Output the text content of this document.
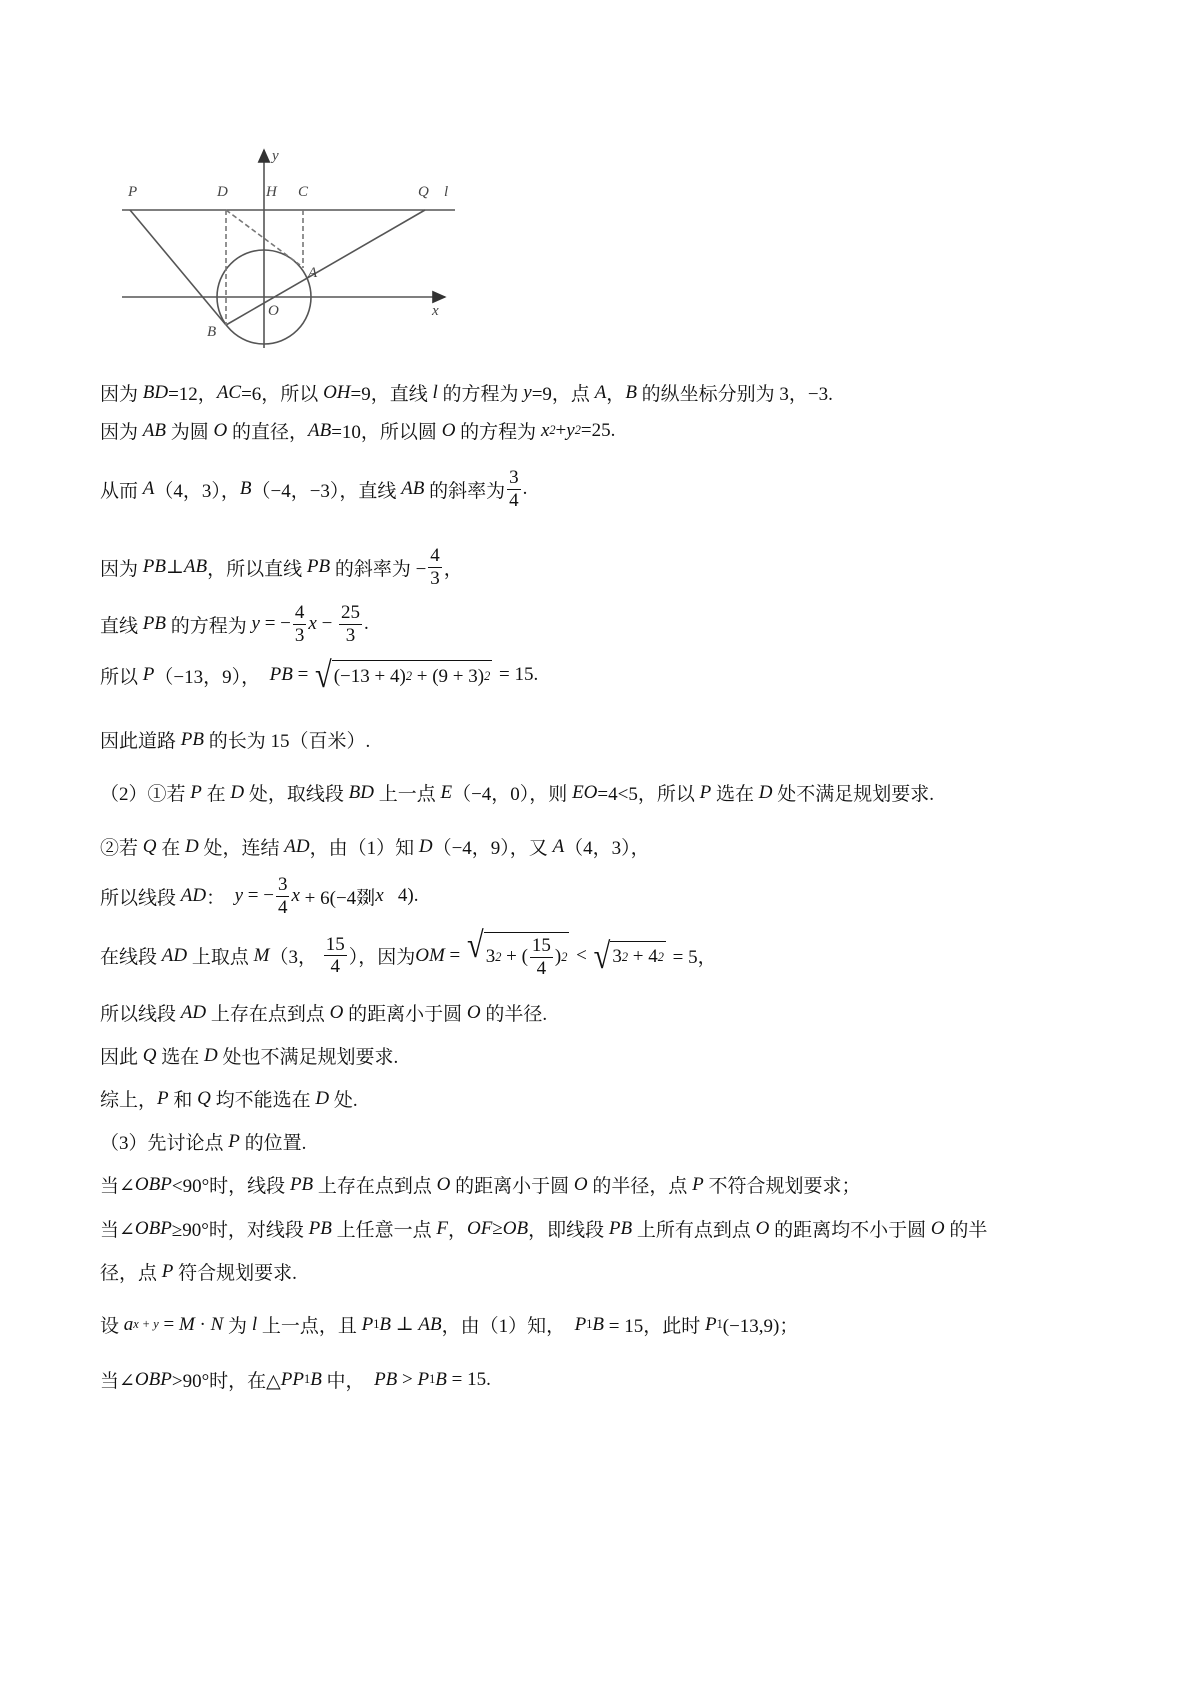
y
x
P	D	H C	Q l
A
O
B
因为 BD =12， AC =6，所以 OH =9，直线 l 的方程为 y =9，点 A ， B 的纵坐标分别为 3，−3.
因为 AB 为圆 O 的直径， AB =10，所以圆 O 的方程为 x 2 + y 2 =25.
从而 A （4，3）， B （−4，−3），直线 AB 的斜率为 $\frac{3}{4}$ .
因为 PB ⊥ AB ，所以直线 PB 的斜率为 − $\frac{4}{3}$ ，
直线 PB 的方程为 y = − $\frac{4}{3}$ $x - \frac{25}{3}$ .
所以 P （−13，9）， PB = √ (−13 + 4) 2 + (9 + 3) 2 = 15.
因此道路 PB 的长为 15（百米）.
（2）①若 P 在 D 处，取线段 BD 上一点 E （−4，0），则 EO =4<5，所以 P 选在 D 处不满足规划要求.
②若 Q 在 D 处，连结 AD ，由（1）知 D （−4，9），又 A （4，3），
所以线段 AD ： y = − $\frac{3}{4}$ x + 6(−4剟 x 4).
在线段 AD 上取点 M （3， $\frac{15}{4}$ ），因为 OM = √ 3 2 + ( $\frac{15}{4}$ ) 2 < √ 3 2 + 4 2 = 5，
所以线段 AD 上存在点到点 O 的距离小于圆 O 的半径.
因此 Q 选在 D 处也不满足规划要求.
综上， P 和 Q 均不能选在 D 处.
（3）先讨论点 P 的位置.
当∠ OBP <90°时，线段 PB 上存在点到点 O 的距离小于圆 O 的半径，点 P 不符合规划要求；
当∠ OBP ≥90°时，对线段 PB 上任意一点 F ， OF ≥ OB ，即线段 PB 上所有点到点 O 的距离均不小于圆 O 的半
径，点 P 符合规划要求.
设 a x + y = M · N 为 l 上一点，且 P 1 B ⊥ AB ，由（1）知， P 1 B = 15，此时 P 1 (−13,9)；
当∠ OBP >90°时，在△ PP 1 B 中， PB > P 1 B = 15.
